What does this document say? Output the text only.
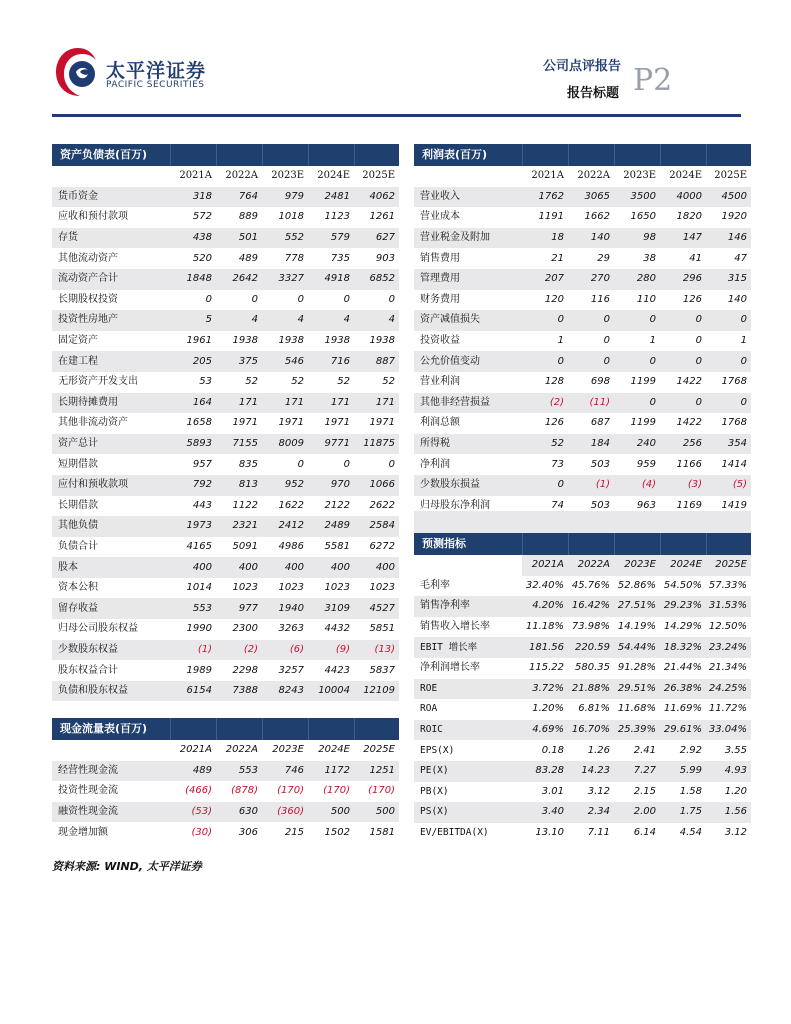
太平洋证券
PACIFIC SECURITIES
公司点评报告
报告标题 P2
资产负债表(百万)
	2021A	2022A	2023E	2024E	2025E
货币资金	318	764	979	2481	4062
应收和预付款项	572	889	1018	1123	1261
存货	438	501	552	579	627
其他流动资产	520	489	778	735	903
流动资产合计	1848	2642	3327	4918	6852
长期股权投资	0	0	0	0	0
投资性房地产	5	4	4	4	4
固定资产	1961	1938	1938	1938	1938
在建工程	205	375	546	716	887
无形资产开发支出	53	52	52	52	52
长期待摊费用	164	171	171	171	171
其他非流动资产	1658	1971	1971	1971	1971
资产总计	5893	7155	8009	9771	11875
短期借款	957	835	0	0	0
应付和预收款项	792	813	952	970	1066
长期借款	443	1122	1622	2122	2622
其他负债	1973	2321	2412	2489	2584
负债合计	4165	5091	4986	5581	6272
股本	400	400	400	400	400
资本公积	1014	1023	1023	1023	1023
留存收益	553	977	1940	3109	4527
归母公司股东权益	1990	2300	3263	4432	5851
少数股东权益	(1)	(2)	(6)	(9)	(13)
股东权益合计	1989	2298	3257	4423	5837
负债和股东权益	6154	7388	8243	10004	12109
现金流量表(百万)
	2021A	2022A	2023E	2024E	2025E
经营性现金流	489	553	746	1172	1251
投资性现金流	(466)	(878)	(170)	(170)	(170)
融资性现金流	(53)	630	(360)	500	500
现金增加额	(30)	306	215	1502	1581
利润表(百万)
	2021A	2022A	2023E	2024E	2025E
营业收入	1762	3065	3500	4000	4500
营业成本	1191	1662	1650	1820	1920
营业税金及附加	18	140	98	147	146
销售费用	21	29	38	41	47
管理费用	207	270	280	296	315
财务费用	120	116	110	126	140
资产减值损失	0	0	0	0	0
投资收益	1	0	1	0	1
公允价值变动	0	0	0	0	0
营业利润	128	698	1199	1422	1768
其他非经营损益	(2)	(11)	0	0	0
利润总额	126	687	1199	1422	1768
所得税	52	184	240	256	354
净利润	73	503	959	1166	1414
少数股东损益	0	(1)	(4)	(3)	(5)
归母股东净利润	74	503	963	1169	1419
预测指标
	2021A	2022A	2023E	2024E	2025E
毛利率	32.40%	45.76%	52.86%	54.50%	57.33%
销售净利率	4.20%	16.42%	27.51%	29.23%	31.53%
销售收入增长率	11.18%	73.98%	14.19%	14.29%	12.50%
EBIT 增长率	181.56	220.59	54.44%	18.32%	23.24%
净利润增长率	115.22	580.35	91.28%	21.44%	21.34%
ROE	3.72%	21.88%	29.51%	26.38%	24.25%
ROA	1.20%	6.81%	11.68%	11.69%	11.72%
ROIC	4.69%	16.70%	25.39%	29.61%	33.04%
EPS(X)	0.18	1.26	2.41	2.92	3.55
PE(X)	83.28	14.23	7.27	5.99	4.93
PB(X)	3.01	3.12	2.15	1.58	1.20
PS(X)	3.40	2.34	2.00	1.75	1.56
EV/EBITDA(X)	13.10	7.11	6.14	4.54	3.12
资料来源: WIND, 太平洋证券
